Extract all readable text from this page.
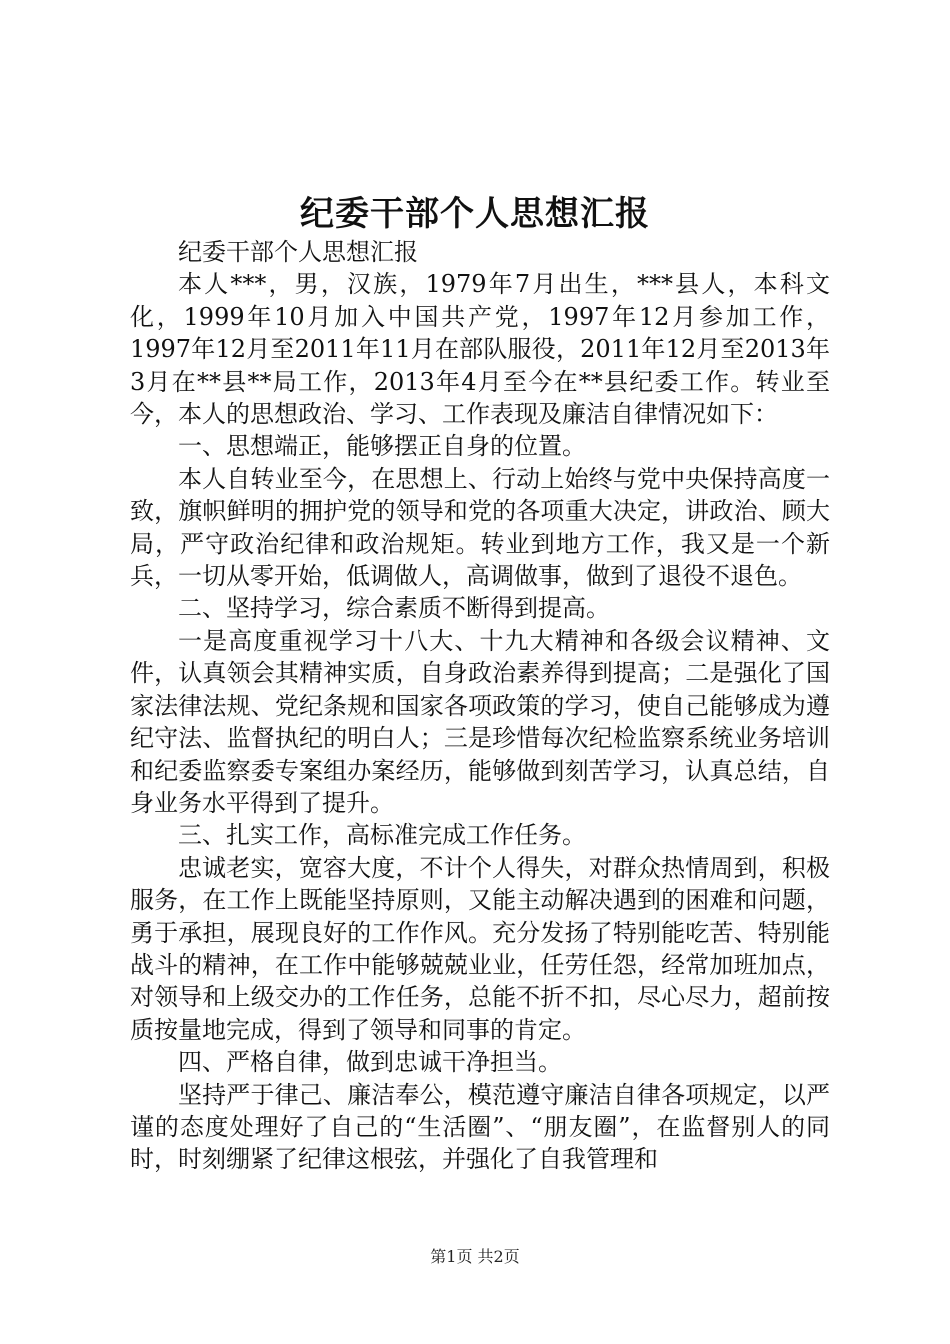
纪委干部个人思想汇报

纪委干部个人思想汇报

本人***，男，汉族，1979年7月出生，***县人，本科文化，1999年10月加入中国共产党，1997年12月参加工作，1997年12月至2011年11月在部队服役，2011年12月至2013年3月在**县**局工作，2013年4月至今在**县纪委工作。转业至今，本人的思想政治、学习、工作表现及廉洁自律情况如下：

一、思想端正，能够摆正自身的位置。

本人自转业至今，在思想上、行动上始终与党中央保持高度一致，旗帜鲜明的拥护党的领导和党的各项重大决定，讲政治、顾大局，严守政治纪律和政治规矩。转业到地方工作，我又是一个新兵，一切从零开始，低调做人，高调做事，做到了退役不退色。

二、坚持学习，综合素质不断得到提高。

一是高度重视学习十八大、十九大精神和各级会议精神、文件，认真领会其精神实质，自身政治素养得到提高；二是强化了国家法律法规、党纪条规和国家各项政策的学习，使自己能够成为遵纪守法、监督执纪的明白人；三是珍惜每次纪检监察系统业务培训和纪委监察委专案组办案经历，能够做到刻苦学习，认真总结，自身业务水平得到了提升。

三、扎实工作，高标准完成工作任务。

忠诚老实，宽容大度，不计个人得失，对群众热情周到，积极服务，在工作上既能坚持原则，又能主动解决遇到的困难和问题，勇于承担，展现良好的工作作风。充分发扬了特别能吃苦、特别能战斗的精神，在工作中能够兢兢业业，任劳任怨，经常加班加点，对领导和上级交办的工作任务，总能不折不扣，尽心尽力，超前按质按量地完成，得到了领导和同事的肯定。

四、严格自律，做到忠诚干净担当。

坚持严于律己、廉洁奉公，模范遵守廉洁自律各项规定，以严谨的态度处理好了自己的“生活圈”、“朋友圈”，在监督别人的同时，时刻绷紧了纪律这根弦，并强化了自我管理和

第1页 共2页
